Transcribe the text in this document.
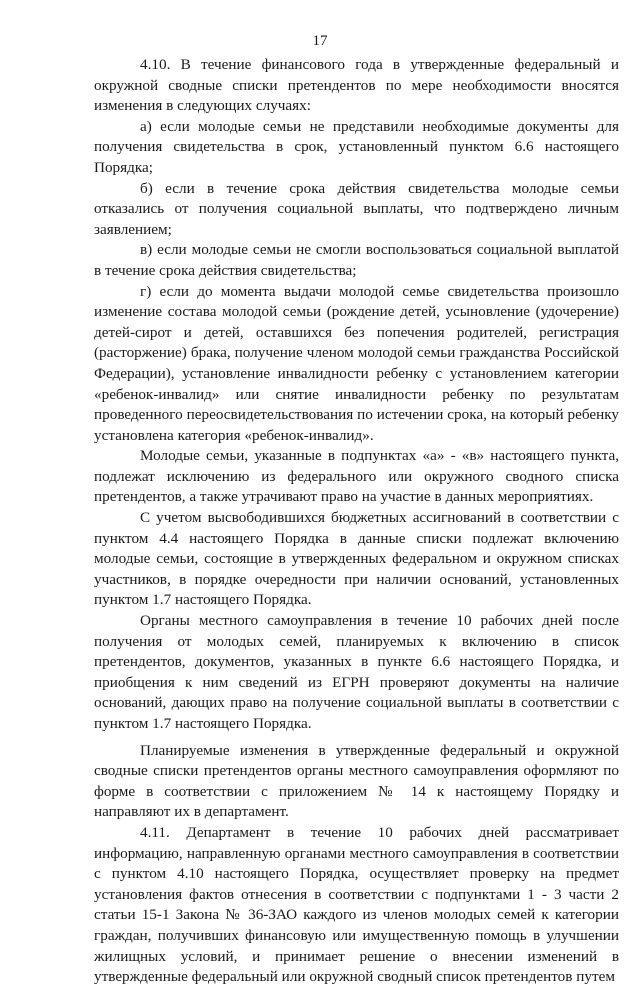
17

4.10. В течение финансового года в утвержденные федеральный и окружной сводные списки претендентов по мере необходимости вносятся изменения в следующих случаях:

а) если молодые семьи не представили необходимые документы для получения свидетельства в срок, установленный пунктом 6.6 настоящего Порядка;

б) если в течение срока действия свидетельства молодые семьи отказались от получения социальной выплаты, что подтверждено личным заявлением;

в) если молодые семьи не смогли воспользоваться социальной выплатой в течение срока действия свидетельства;

г) если до момента выдачи молодой семье свидетельства произошло изменение состава молодой семьи (рождение детей, усыновление (удочерение) детей-сирот и детей, оставшихся без попечения родителей, регистрация (расторжение) брака, получение членом молодой семьи гражданства Российской Федерации), установление инвалидности ребенку с установлением категории «ребенок-инвалид» или снятие инвалидности ребенку по результатам проведенного переосвидетельствования по истечении срока, на который ребенку установлена категория «ребенок-инвалид».

Молодые семьи, указанные в подпунктах «а» - «в» настоящего пункта, подлежат исключению из федерального или окружного сводного списка претендентов, а также утрачивают право на участие в данных мероприятиях.

С учетом высвободившихся бюджетных ассигнований в соответствии с пунктом 4.4 настоящего Порядка в данные списки подлежат включению молодые семьи, состоящие в утвержденных федеральном и окружном списках участников, в порядке очередности при наличии оснований, установленных пунктом 1.7 настоящего Порядка.

Органы местного самоуправления в течение 10 рабочих дней после получения от молодых семей, планируемых к включению в список претендентов, документов, указанных в пункте 6.6 настоящего Порядка, и приобщения к ним сведений из ЕГРН проверяют документы на наличие оснований, дающих право на получение социальной выплаты в соответствии с пунктом 1.7 настоящего Порядка.

Планируемые изменения в утвержденные федеральный и окружной сводные списки претендентов органы местного самоуправления оформляют по форме в соответствии с приложением № 14 к настоящему Порядку и направляют их в департамент.

4.11. Департамент в течение 10 рабочих дней рассматривает информацию, направленную органами местного самоуправления в соответствии с пунктом 4.10 настоящего Порядка, осуществляет проверку на предмет установления фактов отнесения в соответствии с подпунктами 1 - 3 части 2 статьи 15-1 Закона № 36-ЗАО каждого из членов молодых семей к категории граждан, получивших финансовую или имущественную помощь в улучшении жилищных условий, и принимает решение о внесении изменений в утвержденные федеральный или окружной сводный список претендентов путем
